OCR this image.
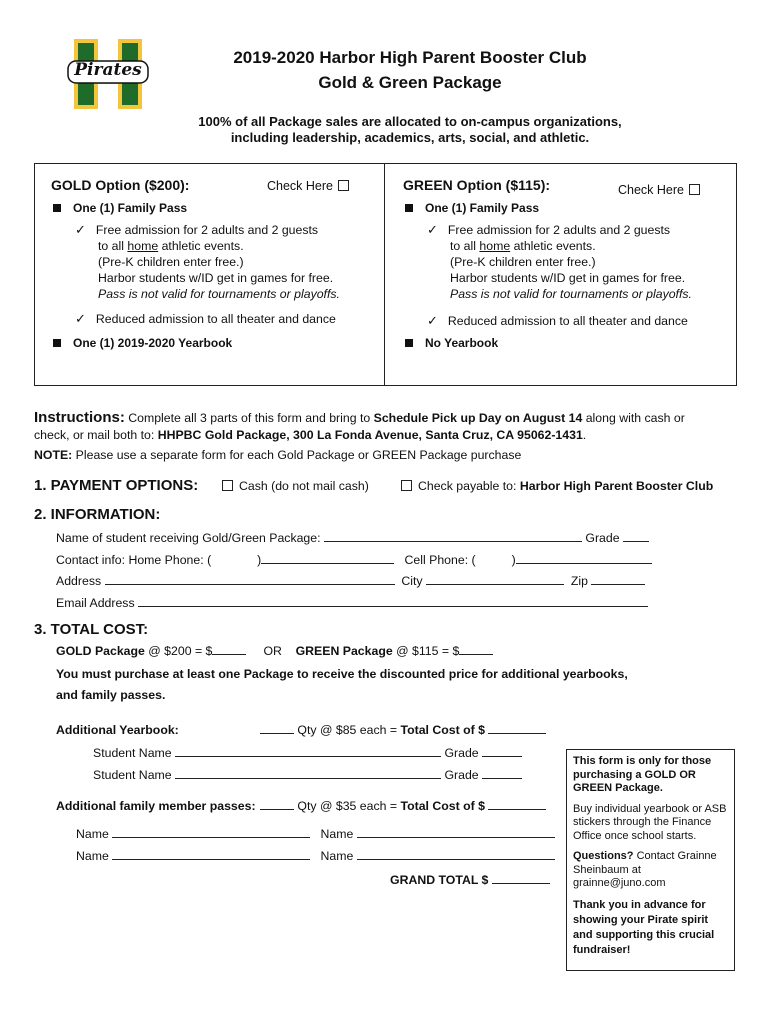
Pirates
2019-2020 Harbor High Parent Booster Club
Gold & Green Package
100% of all Package sales are allocated to on-campus organizations,
including leadership, academics, arts, social, and athletic.
GOLD Option ($200):	Check Here
One (1) Family Pass
✓ Free admission for 2 adults and 2 guests
to all home athletic events.
(Pre-K children enter free.)
Harbor students w/ID get in games for free.
Pass is not valid for tournaments or playoffs.
✓ Reduced admission to all theater and dance
One (1) 2019-2020 Yearbook
GREEN Option ($115):	Check Here
One (1) Family Pass
✓ Free admission for 2 adults and 2 guests
to all home athletic events.
(Pre-K children enter free.)
Harbor students w/ID get in games for free.
Pass is not valid for tournaments or playoffs.
✓ Reduced admission to all theater and dance
No Yearbook
Instructions: Complete all 3 parts of this form and bring to Schedule Pick up Day on August 14 along with cash or
check, or mail both to: HHPBC Gold Package, 300 La Fonda Avenue, Santa Cruz, CA 95062-1431.
NOTE: Please use a separate form for each Gold Package or GREEN Package purchase
1. PAYMENT OPTIONS:	Cash (do not mail cash)	Check payable to: Harbor High Parent Booster Club
2. INFORMATION:
Name of student receiving Gold/Green Package:	Grade
Contact info: Home Phone: (	)	Cell Phone: (	)
Address	City	Zip
Email Address
3. TOTAL COST:
GOLD Package @ $200 = $	OR GREEN Package @ $115 = $
You must purchase at least one Package to receive the discounted price for additional yearbooks,
and family passes.
Additional Yearbook:	Qty @ $85 each = Total Cost of $
Student Name	Grade
Student Name	Grade
Additional family member passes:	Qty @ $35 each = Total Cost of $
Name	Name
Name	Name
GRAND TOTAL $

This form is only for those purchasing a GOLD OR GREEN Package.

Buy individual yearbook or ASB stickers through the Finance Office once school starts.

Questions? Contact Grainne Sheinbaum at grainne@juno.com

Thank you in advance for showing your Pirate spirit and supporting this crucial fundraiser!
